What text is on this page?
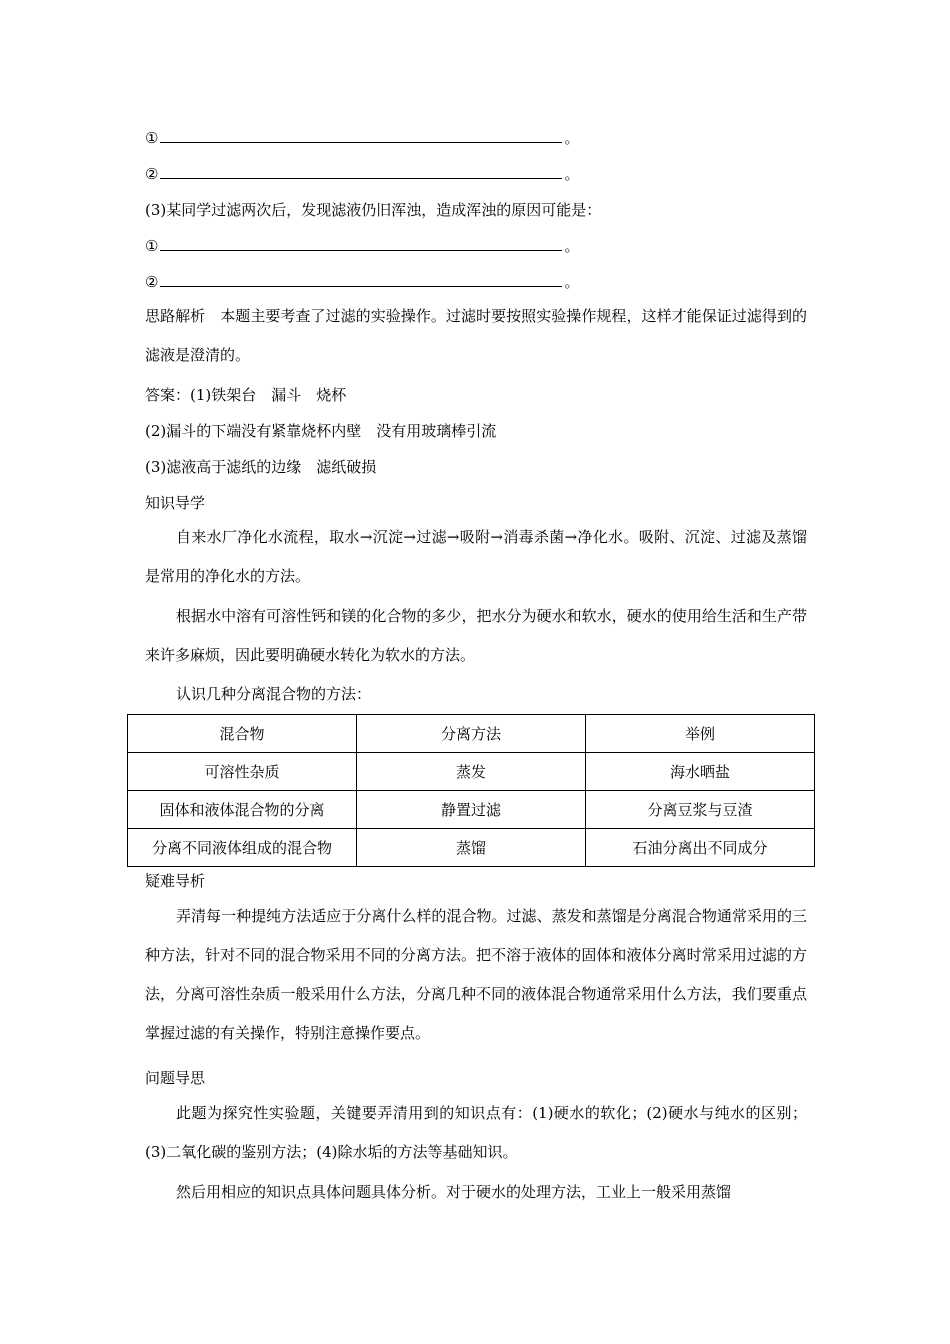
①	。
②	。
(3)某同学过滤两次后，发现滤液仍旧浑浊，造成浑浊的原因可能是：
①	。
②	。
思路解析　本题主要考查了过滤的实验操作。过滤时要按照实验操作规程，这样才能保证过滤得到的滤液是澄清的。
答案：(1)铁架台　漏斗　烧杯
(2)漏斗的下端没有紧靠烧杯内壁　没有用玻璃棒引流
(3)滤液高于滤纸的边缘　滤纸破损
知识导学
自来水厂净化水流程，取水→沉淀→过滤→吸附→消毒杀菌→净化水。吸附、沉淀、过滤及蒸馏是常用的净化水的方法。
根据水中溶有可溶性钙和镁的化合物的多少，把水分为硬水和软水，硬水的使用给生活和生产带来许多麻烦，因此要明确硬水转化为软水的方法。
认识几种分离混合物的方法：
混合物	分离方法	举例
可溶性杂质	蒸发	海水晒盐
固体和液体混合物的分离	静置过滤	分离豆浆与豆渣
分离不同液体组成的混合物	蒸馏	石油分离出不同成分
疑难导析
弄清每一种提纯方法适应于分离什么样的混合物。过滤、蒸发和蒸馏是分离混合物通常采用的三种方法，针对不同的混合物采用不同的分离方法。把不溶于液体的固体和液体分离时常采用过滤的方法，分离可溶性杂质一般采用什么方法，分离几种不同的液体混合物通常采用什么方法，我们要重点掌握过滤的有关操作，特别注意操作要点。
问题导思
此题为探究性实验题，关键要弄清用到的知识点有：(1)硬水的软化；(2)硬水与纯水的区别；(3)二氧化碳的鉴别方法；(4)除水垢的方法等基础知识。
然后用相应的知识点具体问题具体分析。对于硬水的处理方法，工业上一般采用蒸馏
